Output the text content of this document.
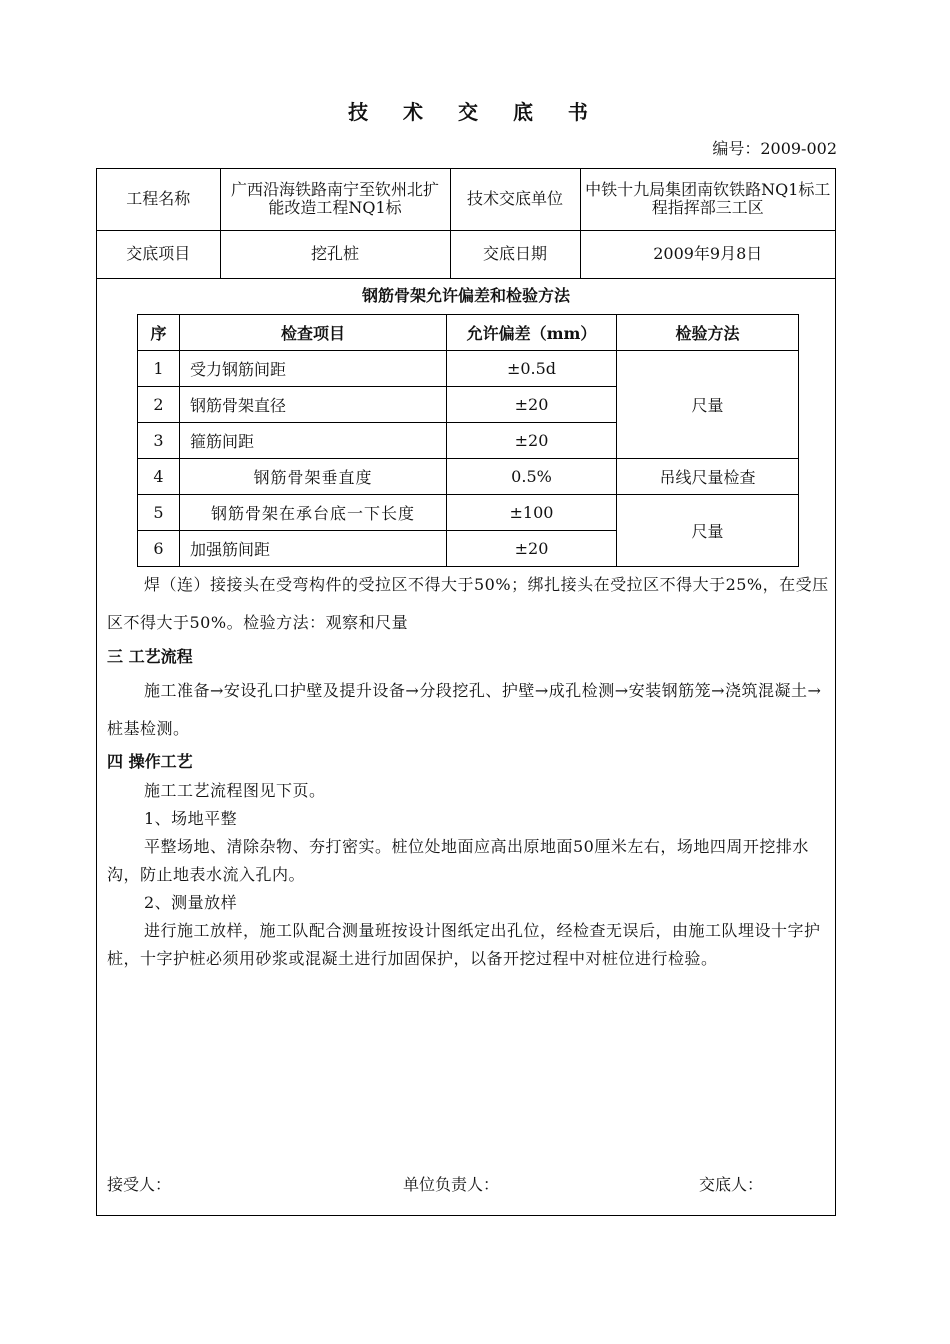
技 术 交 底 书
编号：2009-002
工程名称	广西沿海铁路南宁至钦州北扩能改造工程NQ1标	技术交底单位	中铁十九局集团南钦铁路NQ1标工程指挥部三工区
交底项目	挖孔桩	交底日期	2009年9月8日
钢筋骨架允许偏差和检验方法
序	检查项目	允许偏差（mm）	检验方法
1	受力钢筋间距	±0.5d	尺量
2	钢筋骨架直径	±20	
3	箍筋间距	±20	
4	钢筋骨架垂直度	0.5%	吊线尺量检查
5	钢筋骨架在承台底一下长度	±100	尺量
6	加强筋间距	±20	

焊（连）接接头在受弯构件的受拉区不得大于50%；绑扎接头在受拉区不得大于25%，在受压区不得大于50%。检验方法：观察和尺量

三 工艺流程

施工准备→安设孔口护壁及提升设备→分段挖孔、护壁→成孔检测→安装钢筋笼→浇筑混凝土→桩基检测。

四 操作工艺

施工工艺流程图见下页。

1、场地平整

平整场地、清除杂物、夯打密实。桩位处地面应高出原地面50厘米左右，场地四周开挖排水沟，防止地表水流入孔内。

2、测量放样

进行施工放样，施工队配合测量班按设计图纸定出孔位，经检查无误后，由施工队埋设十字护桩，十字护桩必须用砂浆或混凝土进行加固保护，以备开挖过程中对桩位进行检验。

接受人：	单位负责人：	交底人：
